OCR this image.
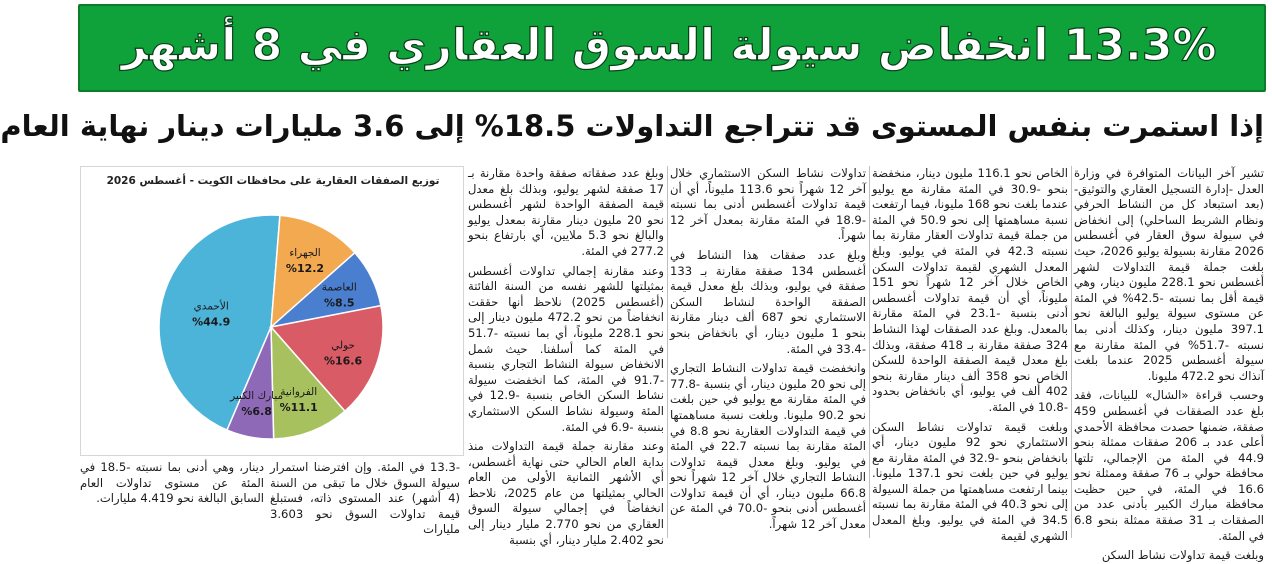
13.3% انخفاض سيولة السوق العقاري في 8 أشهر
إذا استمرت بنفس المستوى قد تتراجع التداولات 18.5% إلى 3.6 مليارات دينار نهاية العام

تشير آخر البيانات المتوافرة في وزارة العدل -إدارة التسجيل العقاري والتوثيق- (بعد استبعاد كل من النشاط الحرفي ونظام الشريط الساحلي) إلى انخفاض في سيولة سوق العقار في أغسطس 2026 مقارنة بسيولة يوليو 2026، حيث بلغت جملة قيمة التداولات لشهر أغسطس نحو 228.1 مليون دينار، وهي قيمة أقل بما نسبته -42.5% في المئة عن مستوى سيولة يوليو البالغة نحو 397.1 مليون دينار، وكذلك أدنى بما نسبته -51.7% في المئة مقارنة مع سيولة أغسطس 2025 عندما بلغت آنذاك نحو 472.2 مليونا.

وحسب قراءة «الشال» للبيانات، فقد بلغ عدد الصفقات في أغسطس 459 صفقة، ضمنها حصدت محافظة الأحمدي أعلى عدد بـ 206 صفقات ممثلة بنحو 44.9 في المئة من الإجمالي، تلتها محافظة حولي بـ 76 صفقة وممثلة نحو 16.6 في المئة، في حين حظيت محافظة مبارك الكبير بأدنى عدد من الصفقات بـ 31 صفقة ممثلة بنحو 6.8 في المئة.

وبلغت قيمة تداولات نشاط السكن

الخاص نحو 116.1 مليون دينار، منخفضة بنحو -30.9 في المئة مقارنة مع يوليو عندما بلغت نحو 168 مليونا، فيما ارتفعت نسبة مساهمتها إلى نحو 50.9 في المئة من جملة قيمة تداولات العقار مقارنة بما نسبته 42.3 في المئة في يوليو. وبلغ المعدل الشهري لقيمة تداولات السكن الخاص خلال آخر 12 شهراً نحو 151 مليوناً، أي أن قيمة تداولات أغسطس أدنى بنسبة -23.1 في المئة مقارنة بالمعدل. وبلغ عدد الصفقات لهذا النشاط 324 صفقة مقارنة بـ 418 صفقة، وبذلك بلغ معدل قيمة الصفقة الواحدة للسكن الخاص نحو 358 ألف دينار مقارنة بنحو 402 ألف في يوليو، أي بانخفاض بحدود -10.8 في المئة.

وبلغت قيمة تداولات نشاط السكن الاستثماري نحو 92 مليون دينار، أي بانخفاض بنحو -32.9 في المئة مقارنة مع يوليو في حين بلغت نحو 137.1 مليونا. بينما ارتفعت مساهمتها من جملة السيولة إلى نحو 40.3 في المئة مقارنة بما نسبته 34.5 في المئة في يوليو. وبلغ المعدل الشهري لقيمة

تداولات نشاط السكن الاستثماري خلال آخر 12 شهراً نحو 113.6 مليوناً، أي أن قيمة تداولات أغسطس أدنى بما نسبته -18.9 في المئة مقارنة بمعدل آخر 12 شهراً.

وبلغ عدد صفقات هذا النشاط في أغسطس 134 صفقة مقارنة بـ 133 صفقة في يوليو، وبذلك بلغ معدل قيمة الصفقة الواحدة لنشاط السكن الاستثماري نحو 687 ألف دينار مقارنة بنحو 1 مليون دينار، أي بانخفاض بنحو -33.4 في المئة.

وانخفضت قيمة تداولات النشاط التجاري إلى نحو 20 مليون دينار، أي بنسبة -77.8 في المئة مقارنة مع يوليو في حين بلغت نحو 90.2 مليونا. وبلغت نسبة مساهمتها في قيمة التداولات العقارية نحو 8.8 في المئة مقارنة بما نسبته 22.7 في المئة في يوليو. وبلغ معدل قيمة تداولات النشاط التجاري خلال آخر 12 شهراً نحو 66.8 مليون دينار، أي أن قيمة تداولات أغسطس أدنى بنحو -70.0 في المئة عن معدل آخر 12 شهراً.

وبلغ عدد صفقاته صفقة واحدة مقارنة بـ 17 صفقة لشهر يوليو، وبذلك بلغ معدل قيمة الصفقة الواحدة لشهر أغسطس نحو 20 مليون دينار مقارنة بمعدل يوليو والبالغ نحو 5.3 ملايين، أي بارتفاع بنحو 277.2 في المئة.

وعند مقارنة إجمالي تداولات أغسطس بمثيلتها للشهر نفسه من السنة الفائتة (أغسطس 2025) نلاحظ أنها حققت انخفاضاً من نحو 472.2 مليون دينار إلى نحو 228.1 مليوناً، أي بما نسبته -51.7 في المئة كما أسلفنا. حيث شمل الانخفاض سيولة النشاط التجاري بنسبة -91.7 في المئة، كما انخفضت سيولة نشاط السكن الخاص بنسبة -12.9 في المئة وسيولة نشاط السكن الاستثماري بنسبة -6.9 في المئة.

وعند مقارنة جملة قيمة التداولات منذ بداية العام الحالي حتى نهاية أغسطس، أي الأشهر الثمانية الأولى من العام الحالي بمثيلتها من عام 2025، نلاحظ انخفاضاً في إجمالي سيولة السوق العقاري من نحو 2.770 مليار دينار إلى نحو 2.402 مليار دينار، أي بنسبة

-13.3 في المئة. وإن افترضنا استمرار سيولة السوق خلال ما تبقى من السنة (4 أشهر) عند المستوى ذاته، فستبلغ قيمة تداولات السوق نحو 3.603 مليارات
دينار، وهي أدنى بما نسبته -18.5 في المئة عن مستوى تداولات العام السابق البالغة نحو 4.419 مليارات.
توزيع الصفقات العقارية على محافظات الكويت - أغسطس 2026
الأحمدي
%44.9
الجهراء
%12.2
العاصمة
%8.5
حولي
%16.6
الفروانية
%11.1
مبارك الكبير
%6.8
